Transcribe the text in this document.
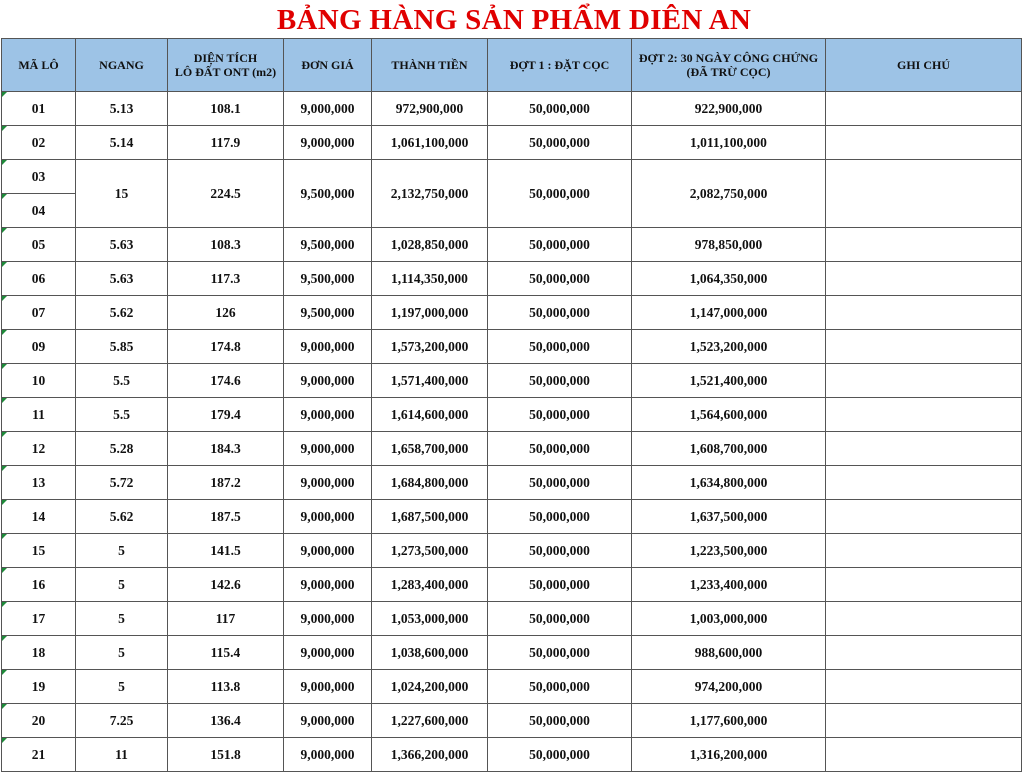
BẢNG HÀNG SẢN PHẨM DIÊN AN
MÃ LÔ	NGANG	DIỆN TÍCH
LÔ ĐẤT ONT (m2)	ĐƠN GIÁ	THÀNH TIỀN	ĐỢT 1 : ĐẶT CỌC	ĐỢT 2: 30 NGÀY CÔNG CHỨNG
(ĐÃ TRỪ CỌC)	GHI CHÚ
01	5.13	108.1	9,000,000	972,900,000	50,000,000	922,900,000	
02	5.14	117.9	9,000,000	1,061,100,000	50,000,000	1,011,100,000	
03	15	224.5	9,500,000	2,132,750,000	50,000,000	2,082,750,000	
04							
05	5.63	108.3	9,500,000	1,028,850,000	50,000,000	978,850,000	
06	5.63	117.3	9,500,000	1,114,350,000	50,000,000	1,064,350,000	
07	5.62	126	9,500,000	1,197,000,000	50,000,000	1,147,000,000	
09	5.85	174.8	9,000,000	1,573,200,000	50,000,000	1,523,200,000	
10	5.5	174.6	9,000,000	1,571,400,000	50,000,000	1,521,400,000	
11	5.5	179.4	9,000,000	1,614,600,000	50,000,000	1,564,600,000	
12	5.28	184.3	9,000,000	1,658,700,000	50,000,000	1,608,700,000	
13	5.72	187.2	9,000,000	1,684,800,000	50,000,000	1,634,800,000	
14	5.62	187.5	9,000,000	1,687,500,000	50,000,000	1,637,500,000	
15	5	141.5	9,000,000	1,273,500,000	50,000,000	1,223,500,000	
16	5	142.6	9,000,000	1,283,400,000	50,000,000	1,233,400,000	
17	5	117	9,000,000	1,053,000,000	50,000,000	1,003,000,000	
18	5	115.4	9,000,000	1,038,600,000	50,000,000	988,600,000	
19	5	113.8	9,000,000	1,024,200,000	50,000,000	974,200,000	
20	7.25	136.4	9,000,000	1,227,600,000	50,000,000	1,177,600,000	
21	11	151.8	9,000,000	1,366,200,000	50,000,000	1,316,200,000	
